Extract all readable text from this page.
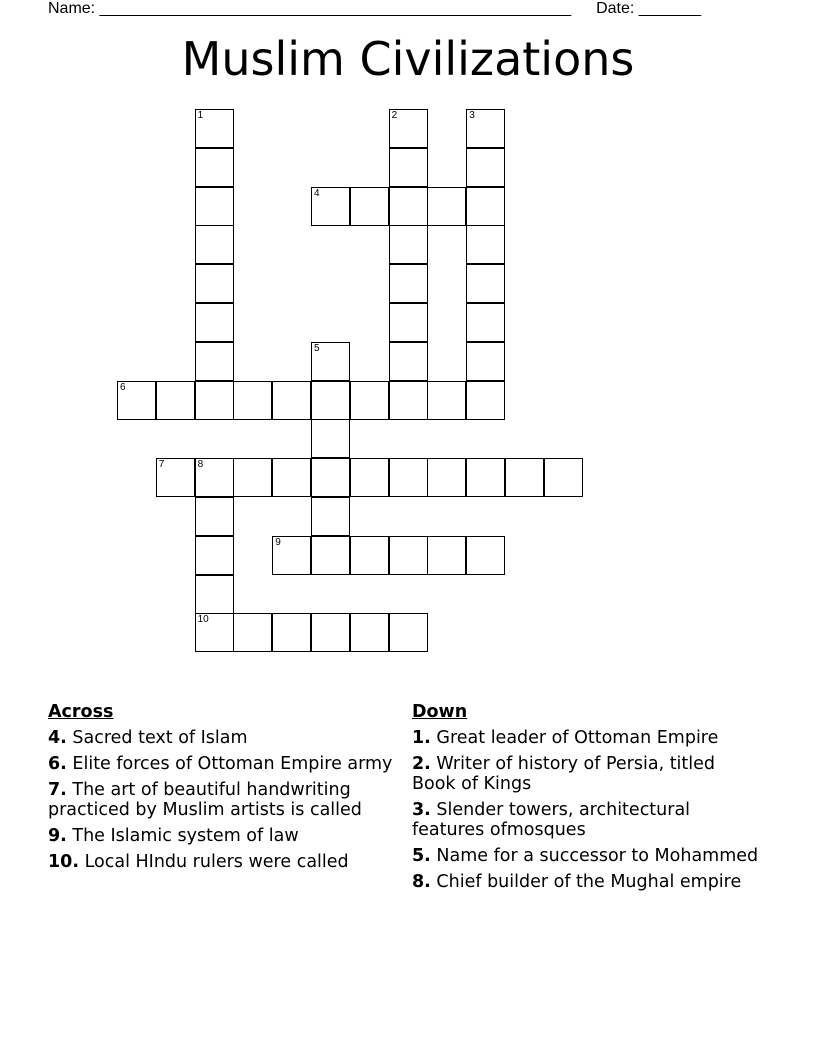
Name: _____________________________________________________ Date: _______
Muslim Civilizations
1	2	3
4
5
6
7	8
9
10
Across
4. Sacred text of Islam
6. Elite forces of Ottoman Empire army
7. The art of beautiful handwriting practiced by Muslim artists is called
9. The Islamic system of law
10. Local HIndu rulers were called
Down
1. Great leader of Ottoman Empire
2. Writer of history of Persia, titled Book of Kings
3. Slender towers, architectural features ofmosques
5. Name for a successor to Mohammed
8. Chief builder of the Mughal empire
